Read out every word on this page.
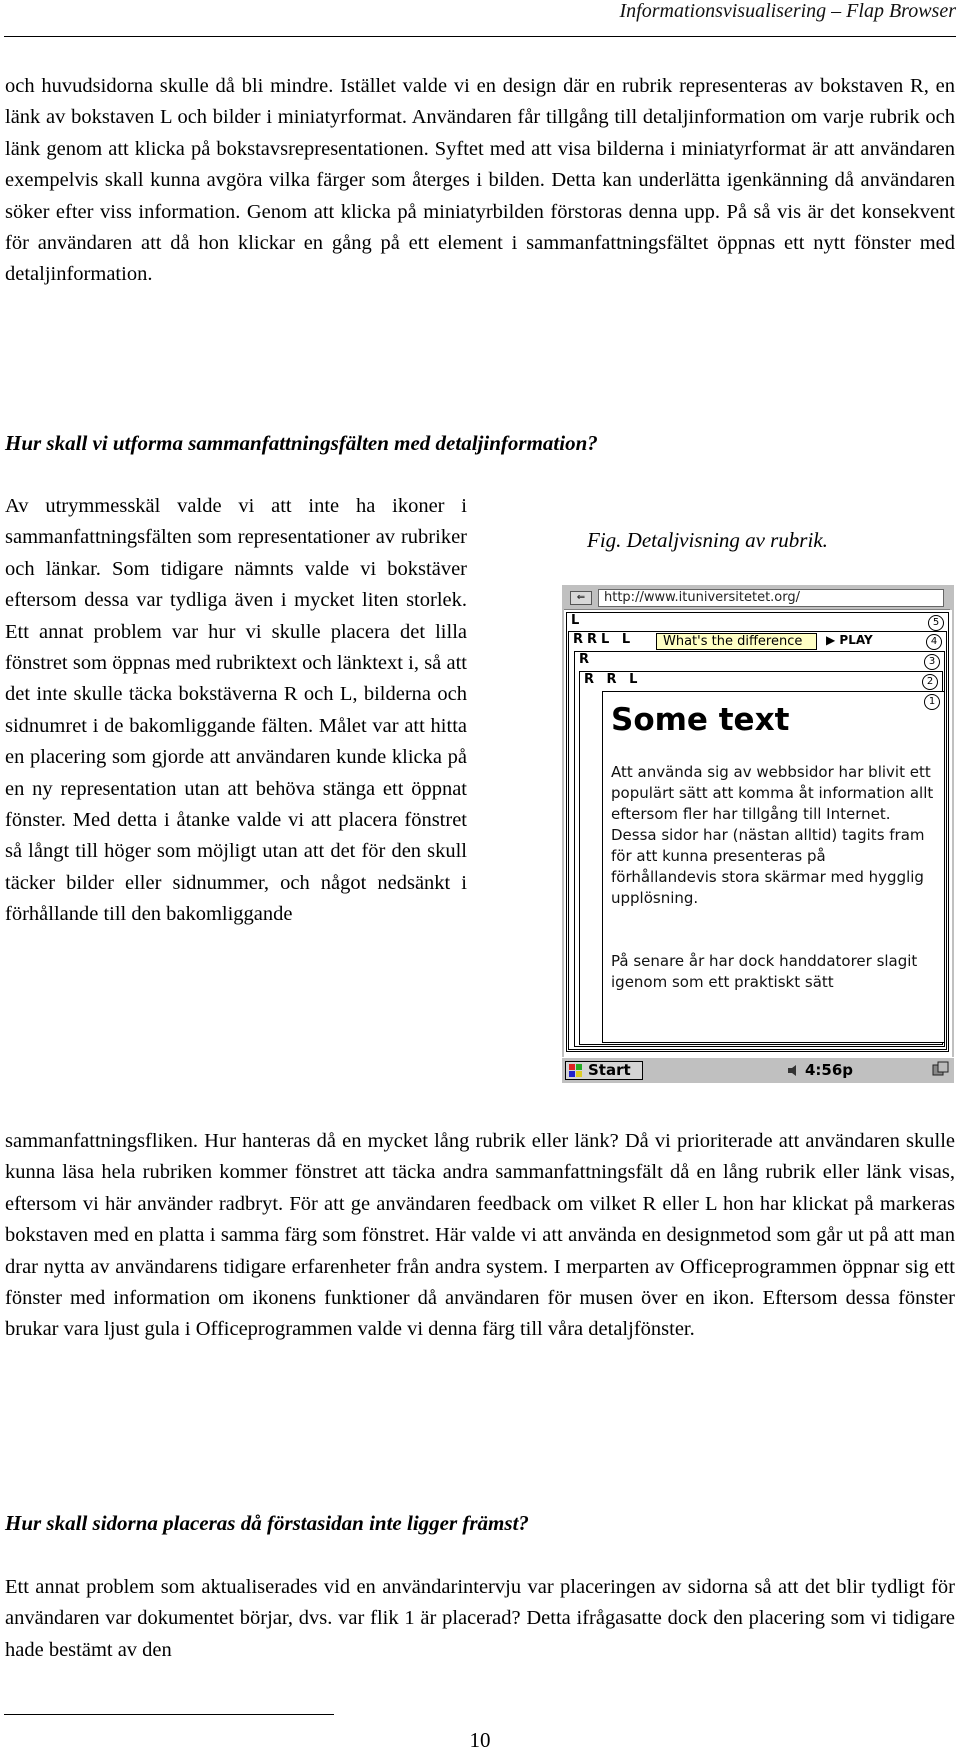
Informationsvisualisering – Flap Browser

och huvudsidorna skulle då bli mindre. Istället valde vi en design där en rubrik representeras av bokstaven R, en länk av bokstaven L och bilder i miniatyrformat. Användaren får tillgång till detaljinformation om varje rubrik och länk genom att klicka på bokstavsrepresentationen. Syftet med att visa bilderna i miniatyrformat är att användaren exempelvis skall kunna avgöra vilka färger som återges i bilden. Detta kan underlätta igenkänning då användaren söker efter viss information. Genom att klicka på miniatyrbilden förstoras denna upp. På så vis är det konsekvent för användaren att då hon klickar en gång på ett element i sammanfattningsfältet öppnas ett nytt fönster med detaljinformation.

Hur skall vi utforma sammanfattningsfälten med detaljinformation?

Av utrymmesskäl valde vi att inte ha ikoner i sammanfattningsfälten som representationer av rubriker och länkar. Som tidigare nämnts valde vi bokstäver eftersom dessa var tydliga även i mycket liten storlek. Ett annat problem var hur vi skulle placera det lilla fönstret som öppnas med rubriktext och länktext i, så att det inte skulle täcka bokstäverna R och L, bilderna och sidnumret i de bakomliggande fälten. Målet var att hitta en placering som gjorde att användaren kunde klicka på en ny representation utan att behöva stänga ett öppnat fönster. Med detta i åtanke valde vi att placera fönstret så långt till höger som möjligt utan att det för den skull täcker bilder eller sidnummer, och något nedsänkt i förhållande till den bakomliggande

Fig. Detaljvisning av rubrik.
⇐	http://www.ituniversitetet.org/
L	5
RRL L	4
R	3
R R L	2
1
Some text
Att använda sig av webbsidor har blivit ett populärt sätt att komma åt information allt eftersom fler har tillgång till Internet. Dessa sidor har (nästan alltid) tagits fram för att kunna presenteras på förhållandevis stora skärmar med hygglig upplösning.
På senare år har dock handdatorer slagit igenom som ett praktiskt sätt
What's the difference	▶ PLAY
Start	4:56p

sammanfattningsfliken. Hur hanteras då en mycket lång rubrik eller länk? Då vi prioriterade att användaren skulle kunna läsa hela rubriken kommer fönstret att täcka andra sammanfattningsfält då en lång rubrik eller länk visas, eftersom vi här använder radbryt. För att ge användaren feedback om vilket R eller L hon har klickat på markeras bokstaven med en platta i samma färg som fönstret. Här valde vi att använda en designmetod som går ut på att man drar nytta av användarens tidigare erfarenheter från andra system. I merparten av Officeprogrammen öppnar sig ett fönster med information om ikonens funktioner då användaren för musen över en ikon. Eftersom dessa fönster brukar vara ljust gula i Officeprogrammen valde vi denna färg till våra detaljfönster.

Hur skall sidorna placeras då förstasidan inte ligger främst?

Ett annat problem som aktualiserades vid en användarintervju var placeringen av sidorna så att det blir tydligt för användaren var dokumentet börjar, dvs. var flik 1 är placerad? Detta ifrågasatte dock den placering som vi tidigare hade bestämt av den

10
